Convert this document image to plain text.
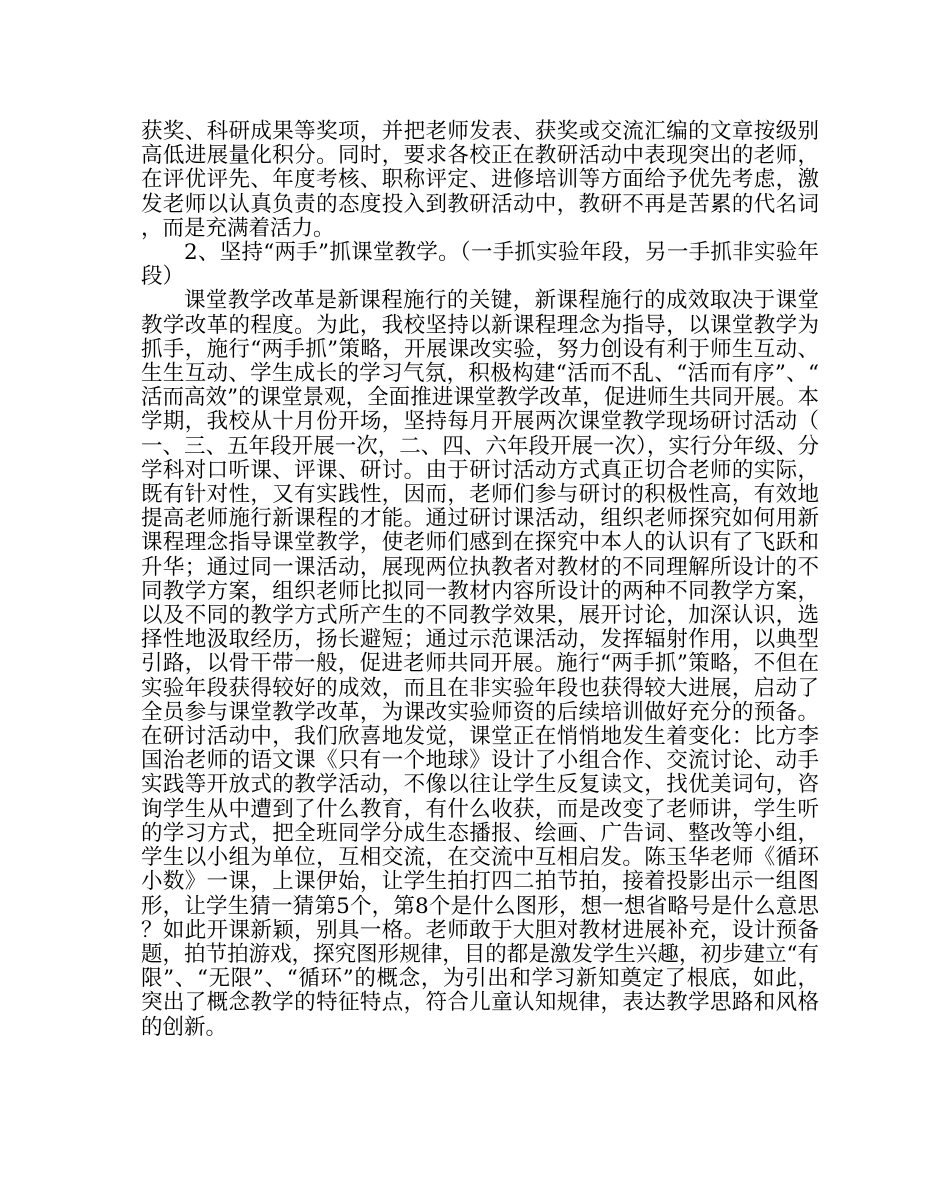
获奖、科研成果等奖项，并把老师发表、获奖或交流汇编的文章按级别高低进展量化积分。同时，要求各校正在教研活动中表现突出的老师，在评优评先、年度考核、职称评定、进修培训等方面给予优先考虑，激发老师以认真负责的态度投入到教研活动中，教研不再是苦累的代名词，而是充满着活力。

2、坚持“两手”抓课堂教学。（一手抓实验年段，另一手抓非实验年段）

课堂教学改革是新课程施行的关键，新课程施行的成效取决于课堂教学改革的程度。为此，我校坚持以新课程理念为指导，以课堂教学为抓手，施行“两手抓”策略，开展课改实验，努力创设有利于师生互动、生生互动、学生成长的学习气氛，积极构建“活而不乱、“活而有序”、“活而高效”的课堂景观，全面推进课堂教学改革，促进师生共同开展。本学期，我校从十月份开场，坚持每月开展两次课堂教学现场研讨活动（一、三、五年段开展一次，二、四、六年段开展一次），实行分年级、分学科对口听课、评课、研讨。由于研讨活动方式真正切合老师的实际，既有针对性，又有实践性，因而，老师们参与研讨的积极性高，有效地提高老师施行新课程的才能。通过研讨课活动，组织老师探究如何用新课程理念指导课堂教学，使老师们感到在探究中本人的认识有了飞跃和升华；通过同一课活动，展现两位执教者对教材的不同理解所设计的不同教学方案，组织老师比拟同一教材内容所设计的两种不同教学方案，以及不同的教学方式所产生的不同教学效果，展开讨论，加深认识，选择性地汲取经历，扬长避短；通过示范课活动，发挥辐射作用，以典型引路，以骨干带一般，促进老师共同开展。施行“两手抓”策略，不但在实验年段获得较好的成效，而且在非实验年段也获得较大进展，启动了全员参与课堂教学改革，为课改实验师资的后续培训做好充分的预备。在研讨活动中，我们欣喜地发觉，课堂正在悄悄地发生着变化：比方李国治老师的语文课《只有一个地球》设计了小组合作、交流讨论、动手实践等开放式的教学活动，不像以往让学生反复读文，找优美词句，咨询学生从中遭到了什么教育，有什么收获，而是改变了老师讲，学生听的学习方式，把全班同学分成生态播报、绘画、广告词、整改等小组，学生以小组为单位，互相交流，在交流中互相启发。陈玉华老师《循环小数》一课，上课伊始，让学生拍打四二拍节拍，接着投影出示一组图形，让学生猜一猜第5个，第8个是什么图形，想一想省略号是什么意思？如此开课新颖，别具一格。老师敢于大胆对教材进展补充，设计预备题，拍节拍游戏，探究图形规律，目的都是激发学生兴趣，初步建立“有限”、“无限”、“循环”的概念，为引出和学习新知奠定了根底，如此，突出了概念教学的特征特点，符合儿童认知规律，表达教学思路和风格的创新。
